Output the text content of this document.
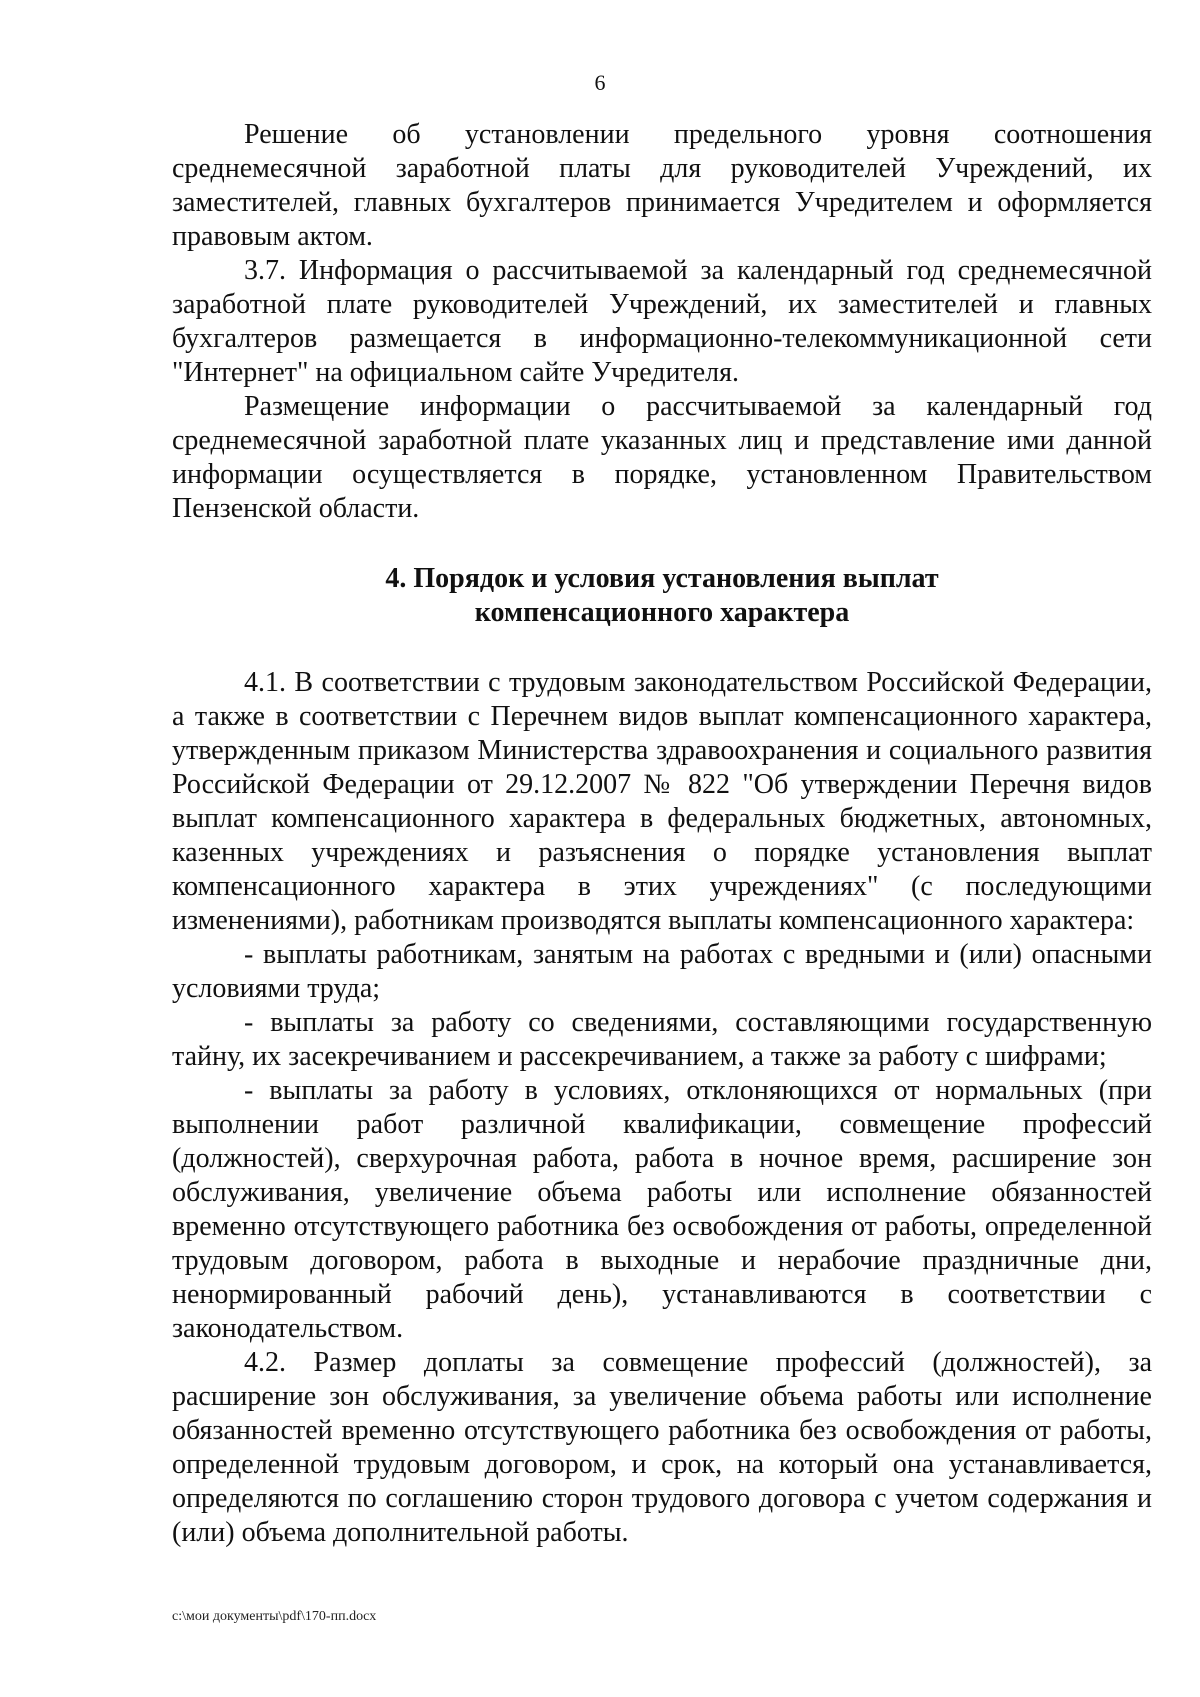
6

Решение об установлении предельного уровня соотношения среднемесячной заработной платы для руководителей Учреждений, их заместителей, главных бухгалтеров принимается Учредителем и оформляется правовым актом.

3.7. Информация о рассчитываемой за календарный год среднемесячной заработной плате руководителей Учреждений, их заместителей и главных бухгалтеров размещается в информационно-телекоммуникационной сети "Интернет" на официальном сайте Учредителя.

Размещение информации о рассчитываемой за календарный год среднемесячной заработной плате указанных лиц и представление ими данной информации осуществляется в порядке, установленном Правительством Пензенской области.

4. Порядок и условия установления выплат
компенсационного характера

4.1. В соответствии с трудовым законодательством Российской Федерации, а также в соответствии с Перечнем видов выплат компенсационного характера, утвержденным приказом Министерства здравоохранения и социального развития Российской Федерации от 29.12.2007 № 822 "Об утверждении Перечня видов выплат компенсационного характера в федеральных бюджетных, автономных, казенных учреждениях и разъяснения о порядке установления выплат компенсационного характера в этих учреждениях" (с последующими изменениями), работникам производятся выплаты компенсационного характера:

- выплаты работникам, занятым на работах с вредными и (или) опасными условиями труда;

- выплаты за работу со сведениями, составляющими государственную тайну, их засекречиванием и рассекречиванием, а также за работу с шифрами;

- выплаты за работу в условиях, отклоняющихся от нормальных (при выполнении работ различной квалификации, совмещение профессий (должностей), сверхурочная работа, работа в ночное время, расширение зон обслуживания, увеличение объема работы или исполнение обязанностей временно отсутствующего работника без освобождения от работы, определенной трудовым договором, работа в выходные и нерабочие праздничные дни, ненормированный рабочий день), устанавливаются в соответствии с законодательством.

4.2. Размер доплаты за совмещение профессий (должностей), за расширение зон обслуживания, за увеличение объема работы или исполнение обязанностей временно отсутствующего работника без освобождения от работы, определенной трудовым договором, и срок, на который она устанавливается, определяются по соглашению сторон трудового договора с учетом содержания и (или) объема дополнительной работы.

c:\мои документы\pdf\170-пп.docx
